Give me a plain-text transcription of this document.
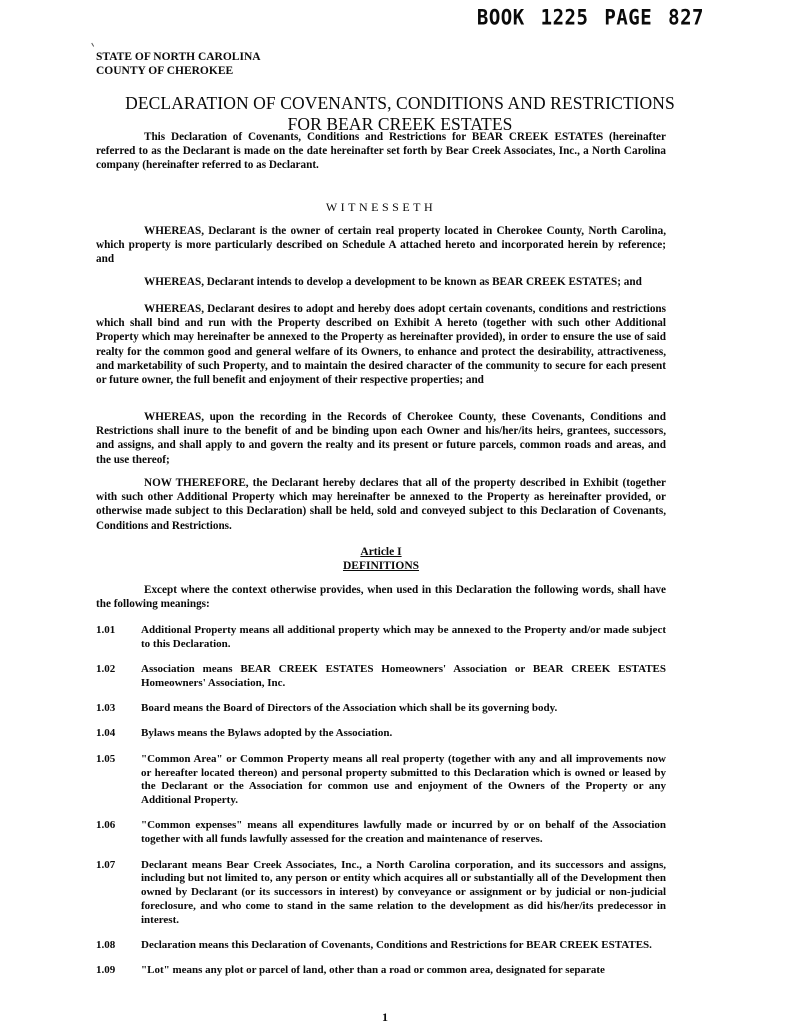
BOOK 1225 PAGE 827
STATE OF NORTH CAROLINA
COUNTY OF CHEROKEE
DECLARATION OF COVENANTS, CONDITIONS AND RESTRICTIONS
FOR BEAR CREEK ESTATES

This Declaration of Covenants, Conditions and Restrictions for BEAR CREEK ESTATES (hereinafter referred to as the Declarant is made on the date hereinafter set forth by Bear Creek Associates, Inc., a North Carolina company (hereinafter referred to as Declarant.

WITNESSETH

WHEREAS, Declarant is the owner of certain real property located in Cherokee County, North Carolina, which property is more particularly described on Schedule A attached hereto and incorporated herein by reference; and

WHEREAS, Declarant intends to develop a development to be known as BEAR CREEK ESTATES; and

WHEREAS, Declarant desires to adopt and hereby does adopt certain covenants, conditions and restrictions which shall bind and run with the Property described on Exhibit A hereto (together with such other Additional Property which may hereinafter be annexed to the Property as hereinafter provided), in order to ensure the use of said realty for the common good and general welfare of its Owners, to enhance and protect the desirability, attractiveness, and marketability of such Property, and to maintain the desired character of the community to secure for each present or future owner, the full benefit and enjoyment of their respective properties; and

WHEREAS, upon the recording in the Records of Cherokee County, these Covenants, Conditions and Restrictions shall inure to the benefit of and be binding upon each Owner and his/her/its heirs, grantees, successors, and assigns, and shall apply to and govern the realty and its present or future parcels, common roads and areas, and the use thereof;

NOW THEREFORE, the Declarant hereby declares that all of the property described in Exhibit (together with such other Additional Property which may hereinafter be annexed to the Property as hereinafter provided, or otherwise made subject to this Declaration) shall be held, sold and conveyed subject to this Declaration of Covenants, Conditions and Restrictions.

Article I
DEFINITIONS

Except where the context otherwise provides, when used in this Declaration the following words, shall have the following meanings:

1.01	Additional Property means all additional property which may be annexed to the Property and/or made subject to this Declaration.
1.02	Association means BEAR CREEK ESTATES Homeowners' Association or BEAR CREEK ESTATES Homeowners' Association, Inc.
1.03	Board means the Board of Directors of the Association which shall be its governing body.
1.04	Bylaws means the Bylaws adopted by the Association.
1.05	"Common Area" or Common Property means all real property (together with any and all improvements now or hereafter located thereon) and personal property submitted to this Declaration which is owned or leased by the Declarant or the Association for common use and enjoyment of the Owners of the Property or any Additional Property.
1.06	"Common expenses" means all expenditures lawfully made or incurred by or on behalf of the Association together with all funds lawfully assessed for the creation and maintenance of reserves.
1.07	Declarant means Bear Creek Associates, Inc., a North Carolina corporation, and its successors and assigns, including but not limited to, any person or entity which acquires all or substantially all of the Development then owned by Declarant (or its successors in interest) by conveyance or assignment or by judicial or non-judicial foreclosure, and who come to stand in the same relation to the development as did his/her/its predecessor in interest.
1.08	Declaration means this Declaration of Covenants, Conditions and Restrictions for BEAR CREEK ESTATES.
1.09	"Lot" means any plot or parcel of land, other than a road or common area, designated for separate
1
